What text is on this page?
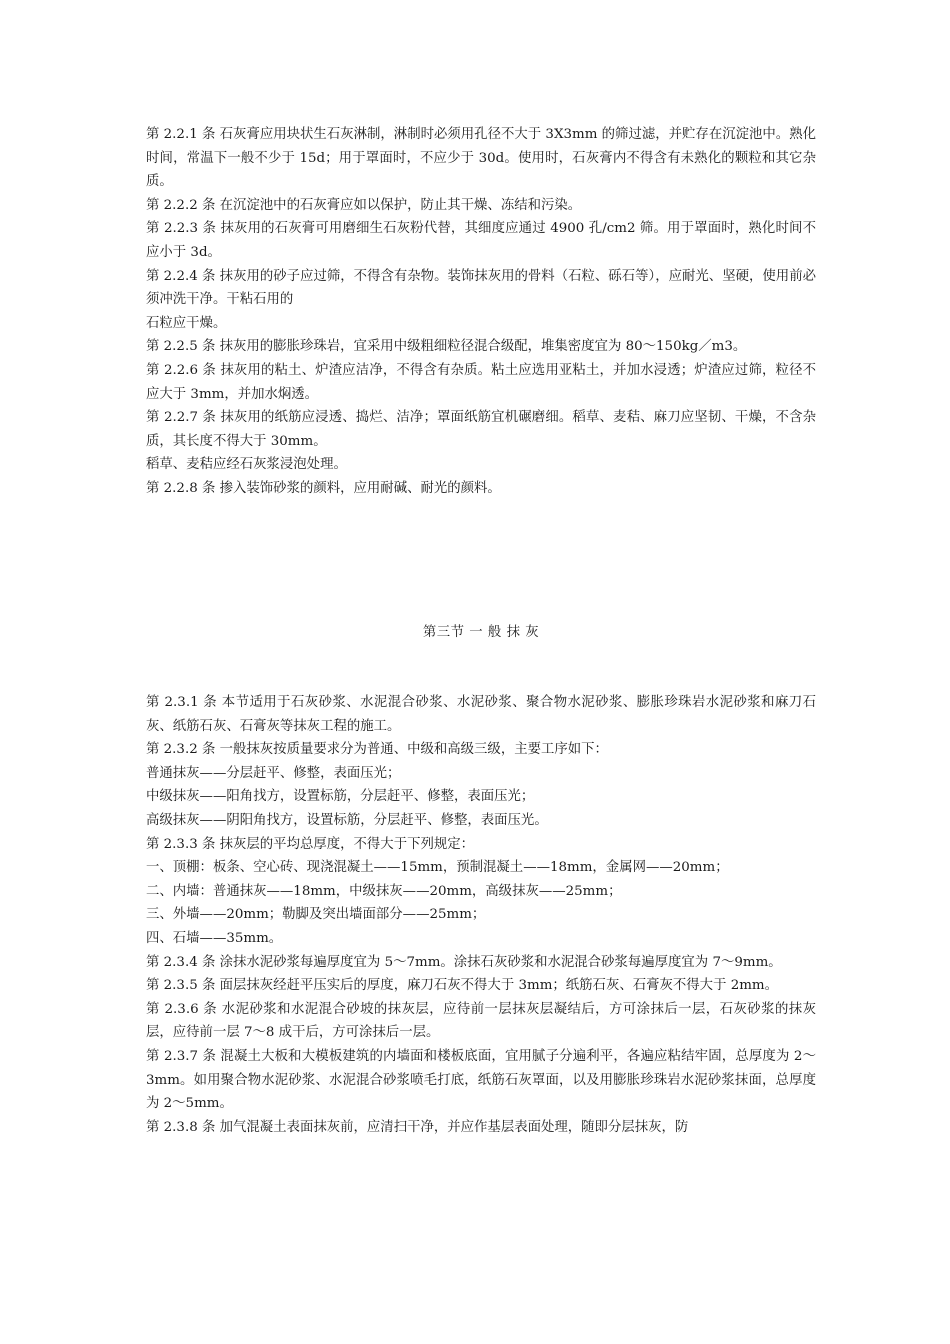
第 2.2.1 条 石灰膏应用块状生石灰淋制，淋制时必须用孔径不大于 3X3mm 的筛过滤，并贮存在沉淀池中。熟化时间，常温下一般不少于 15d；用于罩面时，不应少于 30d。使用时，石灰膏内不得含有未熟化的颗粒和其它杂质。

第 2.2.2 条 在沉淀池中的石灰膏应如以保护，防止其干燥、冻结和污染。

第 2.2.3 条 抹灰用的石灰膏可用磨细生石灰粉代替，其细度应通过 4900 孔/cm2 筛。用于罩面时，熟化时间不应小于 3d。

第 2.2.4 条 抹灰用的砂子应过筛，不得含有杂物。装饰抹灰用的骨料（石粒、砾石等），应耐光、坚硬，使用前必须冲洗干净。干粘石用的

石粒应干燥。

第 2.2.5 条 抹灰用的膨胀珍珠岩，宜采用中级粗细粒径混合级配，堆集密度宜为 80～150kg／m3。

第 2.2.6 条 抹灰用的粘土、炉渣应洁净，不得含有杂质。粘土应选用亚粘土，并加水浸透；炉渣应过筛，粒径不应大于 3mm，并加水焖透。

第 2.2.7 条 抹灰用的纸筋应浸透、捣烂、洁净；罩面纸筋宜机碾磨细。稻草、麦秸、麻刀应坚韧、干燥，不含杂质，其长度不得大于 30mm。

稻草、麦秸应经石灰浆浸泡处理。

第 2.2.8 条 掺入装饰砂浆的颜料，应用耐碱、耐光的颜料。

第三节 一 般 抹 灰

第 2.3.1 条 本节适用于石灰砂浆、水泥混合砂浆、水泥砂浆、聚合物水泥砂浆、膨胀珍珠岩水泥砂浆和麻刀石灰、纸筋石灰、石膏灰等抹灰工程的施工。

第 2.3.2 条 一般抹灰按质量要求分为普通、中级和高级三级，主要工序如下：

普通抹灰——分层赶平、修整，表面压光；

中级抹灰——阳角找方，设置标筋，分层赶平、修整，表面压光；

高级抹灰——阴阳角找方，设置标筋，分层赶平、修整，表面压光。

第 2.3.3 条 抹灰层的平均总厚度，不得大于下列规定：

一、顶棚：板条、空心砖、现浇混凝土——15mm，预制混凝土——18mm，金属网——20mm；

二、内墙：普通抹灰——18mm，中级抹灰——20mm，高级抹灰——25mm；

三、外墙——20mm；勒脚及突出墙面部分——25mm；

四、石墙——35mm。

第 2.3.4 条 涂抹水泥砂浆每遍厚度宜为 5～7mm。涂抹石灰砂浆和水泥混合砂浆每遍厚度宜为 7～9mm。

第 2.3.5 条 面层抹灰经赶平压实后的厚度，麻刀石灰不得大于 3mm；纸筋石灰、石膏灰不得大于 2mm。

第 2.3.6 条 水泥砂浆和水泥混合砂坡的抹灰层，应待前一层抹灰层凝结后，方可涂抹后一层，石灰砂浆的抹灰层，应待前一层 7～8 成干后，方可涂抹后一层。

第 2.3.7 条 混凝土大板和大模板建筑的内墙面和楼板底面，宜用腻子分遍利平，各遍应粘结牢固，总厚度为 2～3mm。如用聚合物水泥砂浆、水泥混合砂浆喷毛打底，纸筋石灰罩面，以及用膨胀珍珠岩水泥砂浆抹面，总厚度为 2～5mm。

第 2.3.8 条 加气混凝土表面抹灰前，应清扫干净，并应作基层表面处理，随即分层抹灰，防
